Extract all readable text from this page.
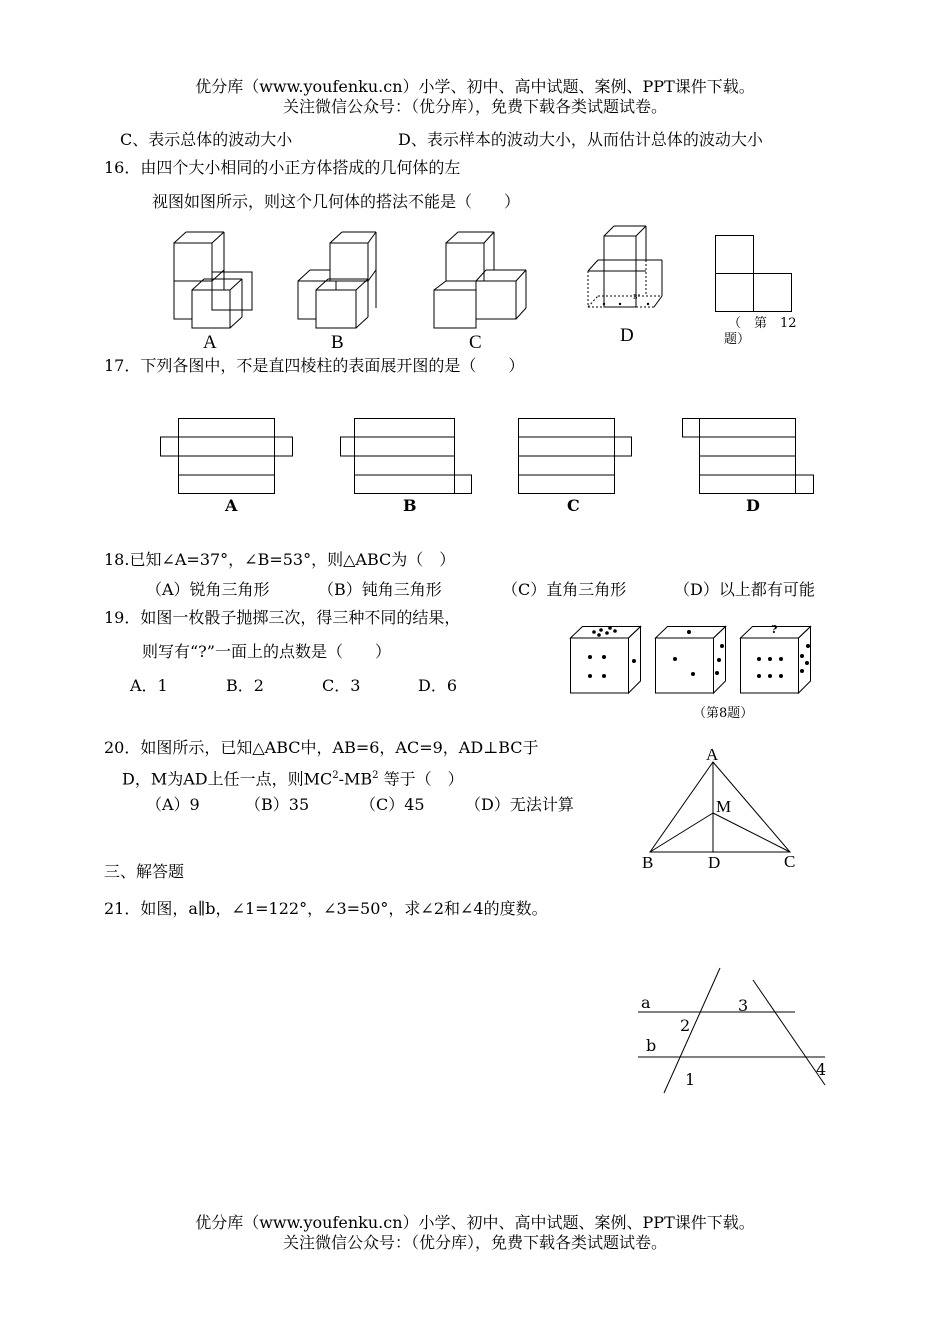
优分库（www.youfenku.cn）小学、初中、高中试题、案例、PPT课件下载。
关注微信公众号：（优分库），免费下载各类试题试卷。
C、表示总体的波动大小	D、表示样本的波动大小，从而估计总体的波动大小
16．由四个大小相同的小正方体搭成的几何体的左
视图如图所示，则这个几何体的搭法不能是（　　）
A	B	C
B"
D
（　第　12
题）
17．下列各图中，不是直四棱柱的表面展开图的是（　　）
A	B	C	D
18.已知∠A=37°，∠B=53°，则△ABC为（　）
（A）锐角三角形	（B）钝角三角形	（C）直角三角形	（D）以上都有可能
19．如图一枚骰子抛掷三次，得三种不同的结果，
则写有“?”一面上的点数是（　　）
A．1	B．2	C．3	D．6
?
（第8题）
20．如图所示，已知△ABC中，AB=6，AC=9，AD⊥BC于
D，M为AD上任一点，则$MC^2-MB^2$ 等于（　）
（A）9	（B）35	（C）45	（D）无法计算
A
M
B	D	C
三、解答题
21．如图，a∥b，∠1=122°，∠3=50°，求∠2和∠4的度数。
a	3
2
b
4
1
优分库（www.youfenku.cn）小学、初中、高中试题、案例、PPT课件下载。
关注微信公众号：（优分库），免费下载各类试题试卷。
